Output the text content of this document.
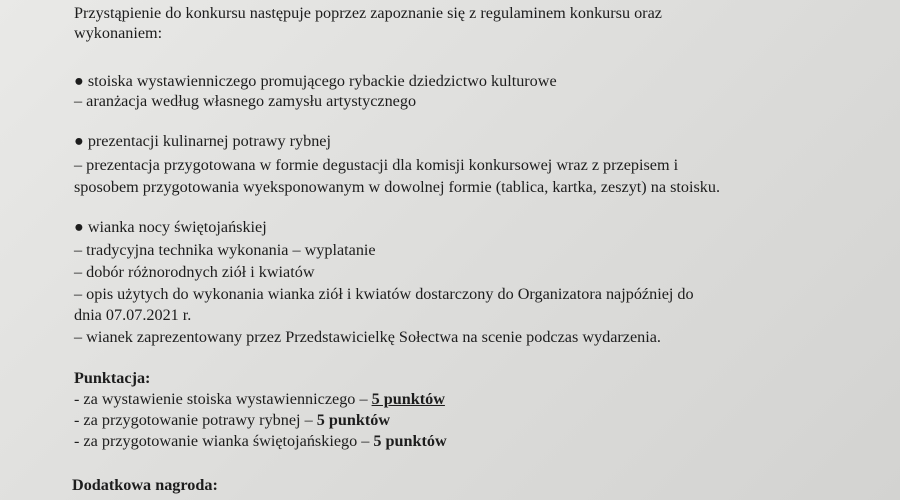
Przystąpienie do konkursu następuje poprzez zapoznanie się z regulaminem konkursu oraz
wykonaniem:
● stoiska wystawienniczego promującego rybackie dziedzictwo kulturowe
– aranżacja według własnego zamysłu artystycznego
● prezentacji kulinarnej potrawy rybnej
– prezentacja przygotowana w formie degustacji dla komisji konkursowej wraz z przepisem i
sposobem przygotowania wyeksponowanym w dowolnej formie (tablica, kartka, zeszyt) na stoisku.
● wianka nocy świętojańskiej
– tradycyjna technika wykonania – wyplatanie
– dobór różnorodnych ziół i kwiatów
– opis użytych do wykonania wianka ziół i kwiatów dostarczony do Organizatora najpóźniej do
dnia 07.07.2021 r.
– wianek zaprezentowany przez Przedstawicielkę Sołectwa na scenie podczas wydarzenia.
Punktacja:
- za wystawienie stoiska wystawienniczego – 5 punktów
- za przygotowanie potrawy rybnej – 5 punktów
- za przygotowanie wianka świętojańskiego – 5 punktów
Dodatkowa nagroda:
